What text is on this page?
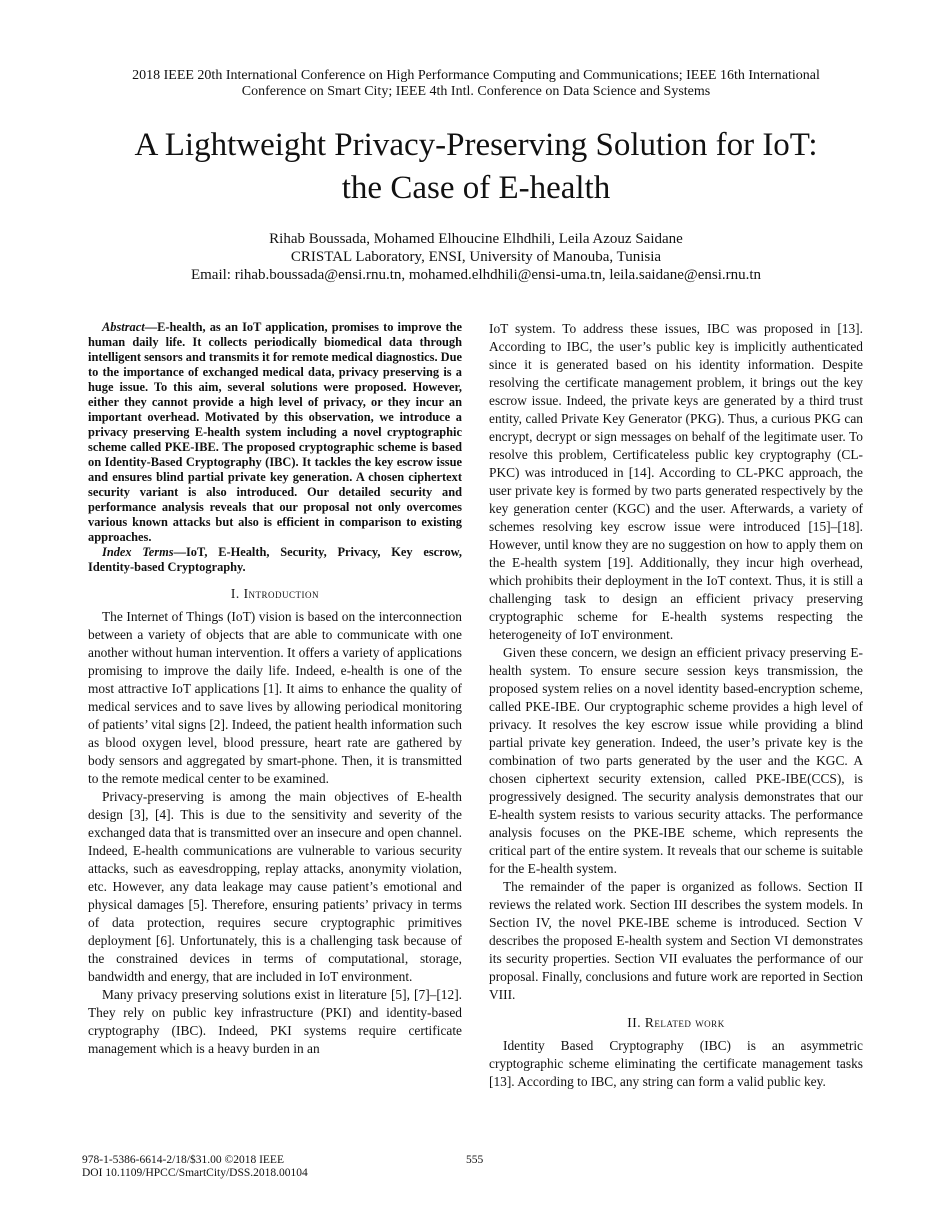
2018 IEEE 20th International Conference on High Performance Computing and Communications; IEEE 16th International
Conference on Smart City; IEEE 4th Intl. Conference on Data Science and Systems
A Lightweight Privacy-Preserving Solution for IoT:
the Case of E-health
Rihab Boussada, Mohamed Elhoucine Elhdhili, Leila Azouz Saidane
CRISTAL Laboratory, ENSI, University of Manouba, Tunisia
Email: rihab.boussada@ensi.rnu.tn, mohamed.elhdhili@ensi-uma.tn, leila.saidane@ensi.rnu.tn

Abstract—E-health, as an IoT application, promises to improve the human daily life. It collects periodically biomedical data through intelligent sensors and transmits it for remote medical diagnostics. Due to the importance of exchanged medical data, privacy preserving is a huge issue. To this aim, several solutions were proposed. However, either they cannot provide a high level of privacy, or they incur an important overhead. Motivated by this observation, we introduce a privacy preserving E-health system including a novel cryptographic scheme called PKE-IBE. The proposed cryptographic scheme is based on Identity-Based Cryptography (IBC). It tackles the key escrow issue and ensures blind partial private key generation. A chosen ciphertext security variant is also introduced. Our detailed security and performance analysis reveals that our proposal not only overcomes various known attacks but also is efficient in comparison to existing approaches.

Index Terms—IoT, E-Health, Security, Privacy, Key escrow, Identity-based Cryptography.

I. Introduction

The Internet of Things (IoT) vision is based on the interconnection between a variety of objects that are able to communicate with one another without human intervention. It offers a variety of applications promising to improve the daily life. Indeed, e-health is one of the most attractive IoT applications [1]. It aims to enhance the quality of medical services and to save lives by allowing periodical monitoring of patients’ vital signs [2]. Indeed, the patient health information such as blood oxygen level, blood pressure, heart rate are gathered by body sensors and aggregated by smart-phone. Then, it is transmitted to the remote medical center to be examined.

Privacy-preserving is among the main objectives of E-health design [3], [4]. This is due to the sensitivity and severity of the exchanged data that is transmitted over an insecure and open channel. Indeed, E-health communications are vulnerable to various security attacks, such as eavesdropping, replay attacks, anonymity violation, etc. However, any data leakage may cause patient’s emotional and physical damages [5]. Therefore, ensuring patients’ privacy in terms of data protection, requires secure cryptographic primitives deployment [6]. Unfortunately, this is a challenging task because of the constrained devices in terms of computational, storage, bandwidth and energy, that are included in IoT environment.

Many privacy preserving solutions exist in literature [5], [7]–[12]. They rely on public key infrastructure (PKI) and identity-based cryptography (IBC). Indeed, PKI systems require certificate management which is a heavy burden in an

IoT system. To address these issues, IBC was proposed in [13]. According to IBC, the user’s public key is implicitly authenticated since it is generated based on his identity information. Despite resolving the certificate management problem, it brings out the key escrow issue. Indeed, the private keys are generated by a third trust entity, called Private Key Generator (PKG). Thus, a curious PKG can encrypt, decrypt or sign messages on behalf of the legitimate user. To resolve this problem, Certificateless public key cryptography (CL-PKC) was introduced in [14]. According to CL-PKC approach, the user private key is formed by two parts generated respectively by the key generation center (KGC) and the user. Afterwards, a variety of schemes resolving key escrow issue were introduced [15]–[18]. However, until know they are no suggestion on how to apply them on the E-health system [19]. Additionally, they incur high overhead, which prohibits their deployment in the IoT context. Thus, it is still a challenging task to design an efficient privacy preserving cryptographic scheme for E-health systems respecting the heterogeneity of IoT environment.

Given these concern, we design an efficient privacy preserving E-health system. To ensure secure session keys transmission, the proposed system relies on a novel identity based-encryption scheme, called PKE-IBE. Our cryptographic scheme provides a high level of privacy. It resolves the key escrow issue while providing a blind partial private key generation. Indeed, the user’s private key is the combination of two parts generated by the user and the KGC. A chosen ciphertext security extension, called PKE-IBE(CCS), is progressively designed. The security analysis demonstrates that our E-health system resists to various security attacks. The performance analysis focuses on the PKE-IBE scheme, which represents the critical part of the entire system. It reveals that our scheme is suitable for the E-health system.

The remainder of the paper is organized as follows. Section II reviews the related work. Section III describes the system models. In Section IV, the novel PKE-IBE scheme is introduced. Section V describes the proposed E-health system and Section VI demonstrates its security properties. Section VII evaluates the performance of our proposal. Finally, conclusions and future work are reported in Section VIII.

II. Related work

Identity Based Cryptography (IBC) is an asymmetric cryptographic scheme eliminating the certificate management tasks [13]. According to IBC, any string can form a valid public key.

978-1-5386-6614-2/18/$31.00 ©2018 IEEE
DOI 10.1109/HPCC/SmartCity/DSS.2018.00104
555
